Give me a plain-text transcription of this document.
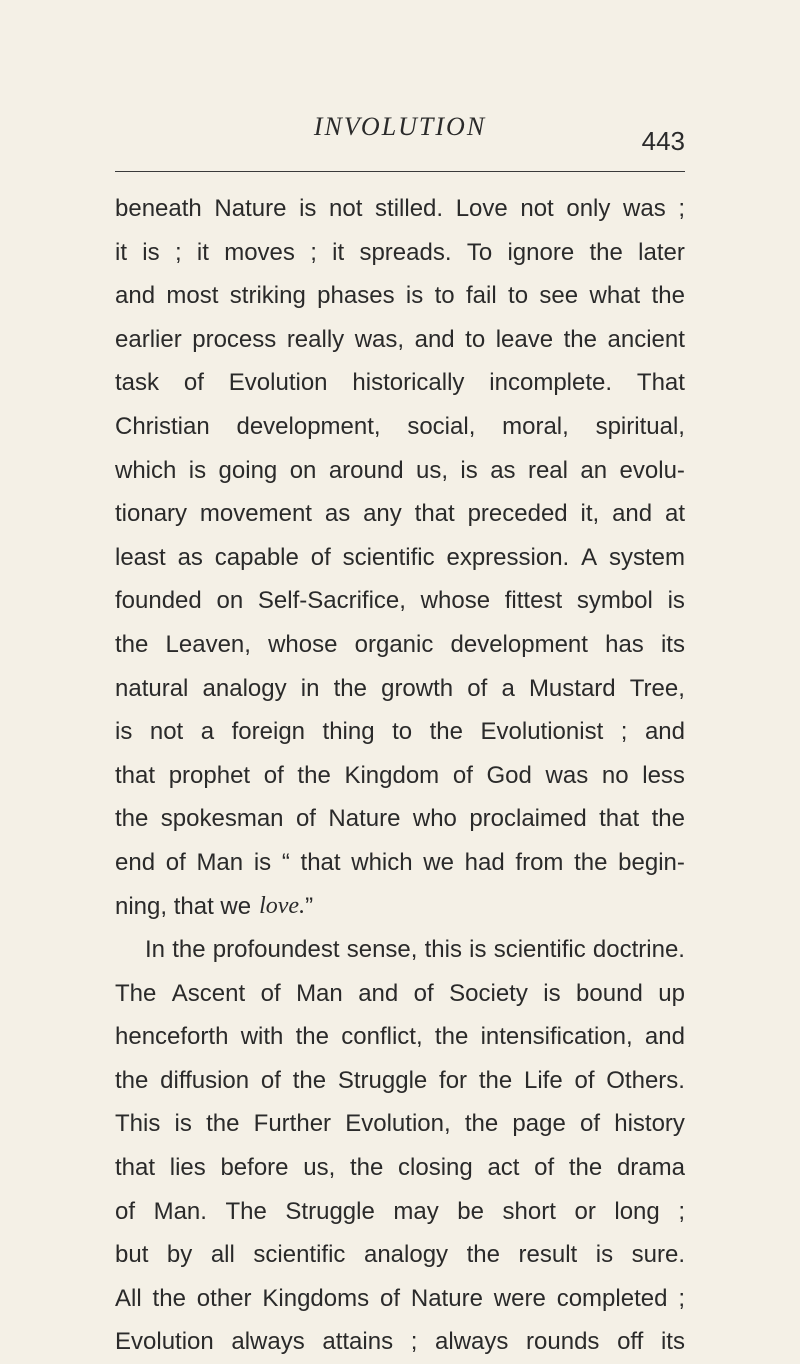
INVOLUTION	443
beneath Nature is not stilled. Love not only was ;
it is ; it moves ; it spreads. To ignore the later
and most striking phases is to fail to see what the
earlier process really was, and to leave the ancient
task of Evolution historically incomplete. That
Christian development, social, moral, spiritual,
which is going on around us, is as real an evolu-
tionary movement as any that preceded it, and at
least as capable of scientific expression. A system
founded on Self-Sacrifice, whose fittest symbol is
the Leaven, whose organic development has its
natural analogy in the growth of a Mustard Tree,
is not a foreign thing to the Evolutionist ; and
that prophet of the Kingdom of God was no less
the spokesman of Nature who proclaimed that the
end of Man is “ that which we had from the begin-
ning, that we love. ”
In the profoundest sense, this is scientific doctrine.
The Ascent of Man and of Society is bound up
henceforth with the conflict, the intensification, and
the diffusion of the Struggle for the Life of Others.
This is the Further Evolution, the page of history
that lies before us, the closing act of the drama
of Man. The Struggle may be short or long ;
but by all scientific analogy the result is sure.
All the other Kingdoms of Nature were completed ;
Evolution always attains ; always rounds off its
